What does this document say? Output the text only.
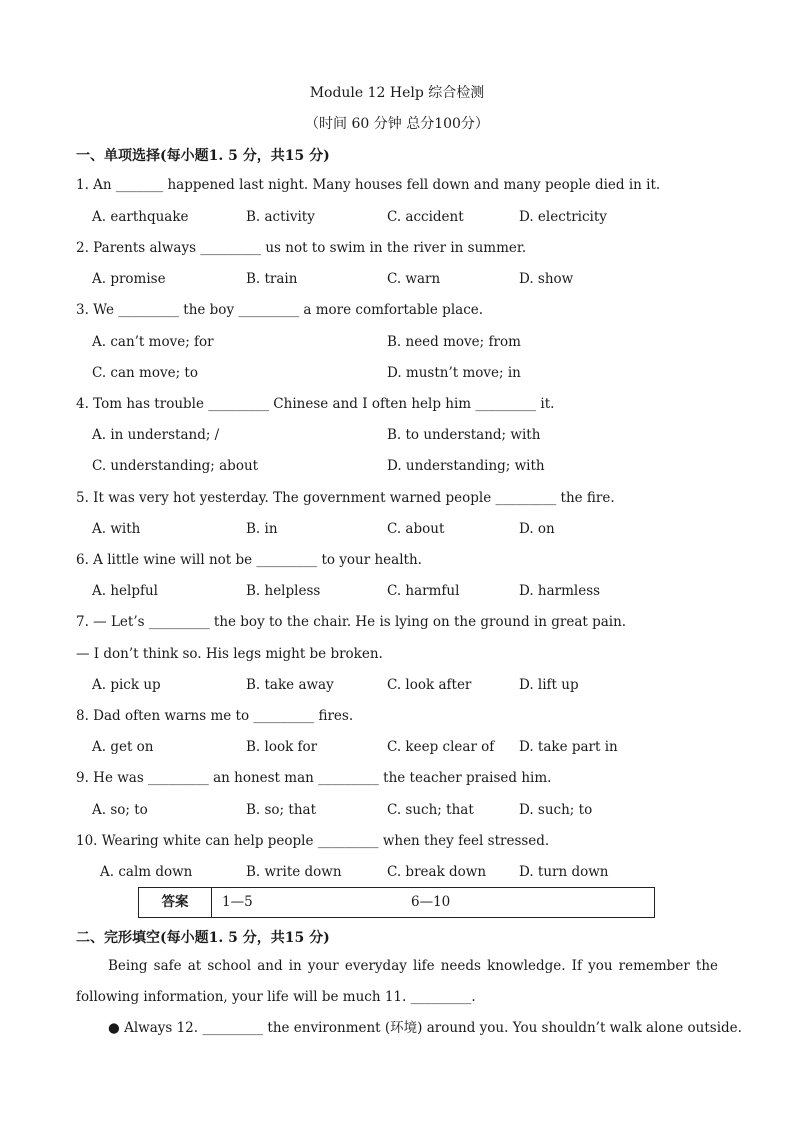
Module 12 Help 综合检测
（时间 60 分钟 总分100分）
一、单项选择(每小题1. 5 分，共15 分)
1. An _______ happened last night. Many houses fell down and many people died in it.
A. earthquake	B. activity	C. accident	D. electricity
2. Parents always _________ us not to swim in the river in summer.
A. promise	B. train	C. warn	D. show
3. We _________ the boy _________ a more comfortable place.
A. can’t move; for	B. need move; from
C. can move; to	D. mustn’t move; in
4. Tom has trouble _________ Chinese and I often help him _________ it.
A. in understand; /	B. to understand; with
C. understanding; about	D. understanding; with
5. It was very hot yesterday. The government warned people _________ the fire.
A. with	B. in	C. about	D. on
6. A little wine will not be _________ to your health.
A. helpful	B. helpless	C. harmful	D. harmless
7. — Let’s _________ the boy to the chair. He is lying on the ground in great pain.
— I don’t think so. His legs might be broken.
A. pick up	B. take away	C. look after	D. lift up
8. Dad often warns me to _________ fires.
A. get on	B. look for	C. keep clear of D. take part in
9. He was _________ an honest man _________ the teacher praised him.
A. so; to	B. so; that	C. such; that	D. such; to
10. Wearing white can help people _________ when they feel stressed.
A. calm down	B. write down	C. break down D. turn down
答案	1—5	6—10
二、完形填空(每小题1. 5 分，共15 分)
Being safe at school and in your everyday life needs knowledge. If you remember the following information, your life will be much 11. _________.
● Always 12. _________ the environment (环境) around you. You shouldn’t walk alone outside.
